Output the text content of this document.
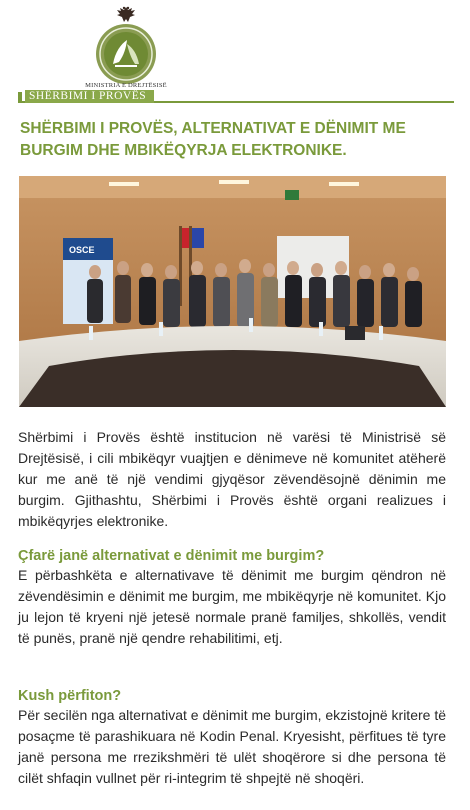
MINISTRIA E DREJTËSISË
SHËRBIMI I PROVËS
SHËRBIMI I PROVËS, ALTERNATIVAT E DËNIMIT ME BURGIM DHE MBIKËQYRJA ELEKTRONIKE.
OSCE

Shërbimi i Provës është institucion në varësi të Ministrisë së Drejtësisë, i cili mbikëqyr vuajtjen e dënimeve në komunitet atëherë kur me anë të një vendimi gjyqësor zëvendësojnë dënimin me burgim. Gjithashtu, Shërbimi i Provës është organi realizues i mbikëqyrjes elektronike.

Çfarë janë alternativat e dënimit me burgim?

E përbashkëta e alternativave të dënimit me burgim qëndron në zëvendësimin e dënimit me burgim, me mbikëqyrje në komunitet. Kjo ju lejon të kryeni një jetesë normale pranë familjes, shkollës, vendit të punës, pranë një qendre rehabilitimi, etj.

Kush përfiton?

Për secilën nga alternativat e dënimit me burgim, ekzistojnë kritere të posaçme të parashikuara në Kodin Penal. Kryesisht, përfitues të tyre janë persona me rrezikshmëri të ulët shoqërore si dhe persona të cilët shfaqin vullnet për ri-integrim të shpejtë në shoqëri.
